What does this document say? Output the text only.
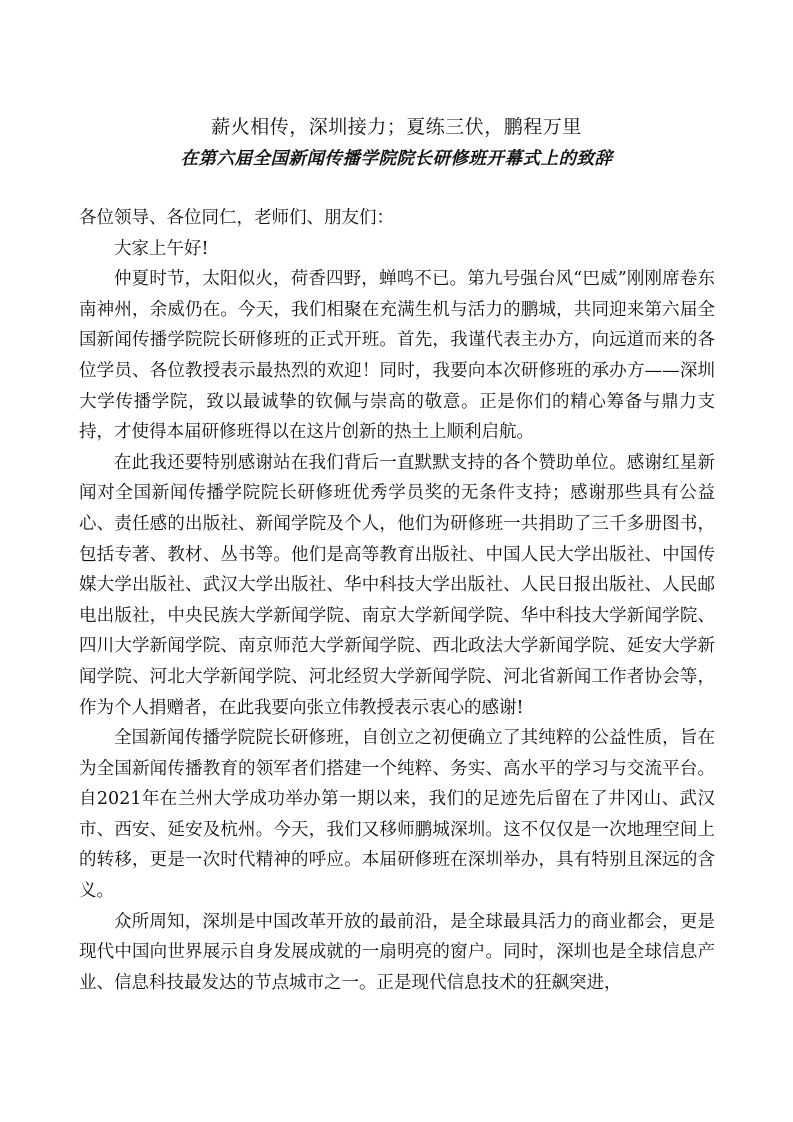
薪火相传，深圳接力；夏练三伏，鹏程万里
在第六届全国新闻传播学院院长研修班开幕式上的致辞

各位领导、各位同仁，老师们、朋友们：

大家上午好!

仲夏时节，太阳似火，荷香四野，蝉鸣不已。第九号强台风“巴威”刚刚席卷东南神州，余威仍在。今天，我们相聚在充满生机与活力的鹏城，共同迎来第六届全国新闻传播学院院长研修班的正式开班。首先，我谨代表主办方，向远道而来的各位学员、各位教授表示最热烈的欢迎！同时，我要向本次研修班的承办方——深圳大学传播学院，致以最诚挚的钦佩与崇高的敬意。正是你们的精心筹备与鼎力支持，才使得本届研修班得以在这片创新的热土上顺利启航。

在此我还要特别感谢站在我们背后一直默默支持的各个赞助单位。感谢红星新闻对全国新闻传播学院院长研修班优秀学员奖的无条件支持；感谢那些具有公益心、责任感的出版社、新闻学院及个人，他们为研修班一共捐助了三千多册图书，包括专著、教材、丛书等。他们是高等教育出版社、中国人民大学出版社、中国传媒大学出版社、武汉大学出版社、华中科技大学出版社、人民日报出版社、人民邮电出版社，中央民族大学新闻学院、南京大学新闻学院、华中科技大学新闻学院、四川大学新闻学院、南京师范大学新闻学院、西北政法大学新闻学院、延安大学新闻学院、河北大学新闻学院、河北经贸大学新闻学院、河北省新闻工作者协会等，作为个人捐赠者，在此我要向张立伟教授表示衷心的感谢!

全国新闻传播学院院长研修班，自创立之初便确立了其纯粹的公益性质，旨在为全国新闻传播教育的领军者们搭建一个纯粹、务实、高水平的学习与交流平台。自2021年在兰州大学成功举办第一期以来，我们的足迹先后留在了井冈山、武汉市、西安、延安及杭州。今天，我们又移师鹏城深圳。这不仅仅是一次地理空间上的转移，更是一次时代精神的呼应。本届研修班在深圳举办，具有特别且深远的含义。

众所周知，深圳是中国改革开放的最前沿，是全球最具活力的商业都会，更是现代中国向世界展示自身发展成就的一扇明亮的窗户。同时，深圳也是全球信息产业、信息科技最发达的节点城市之一。正是现代信息技术的狂飙突进，
